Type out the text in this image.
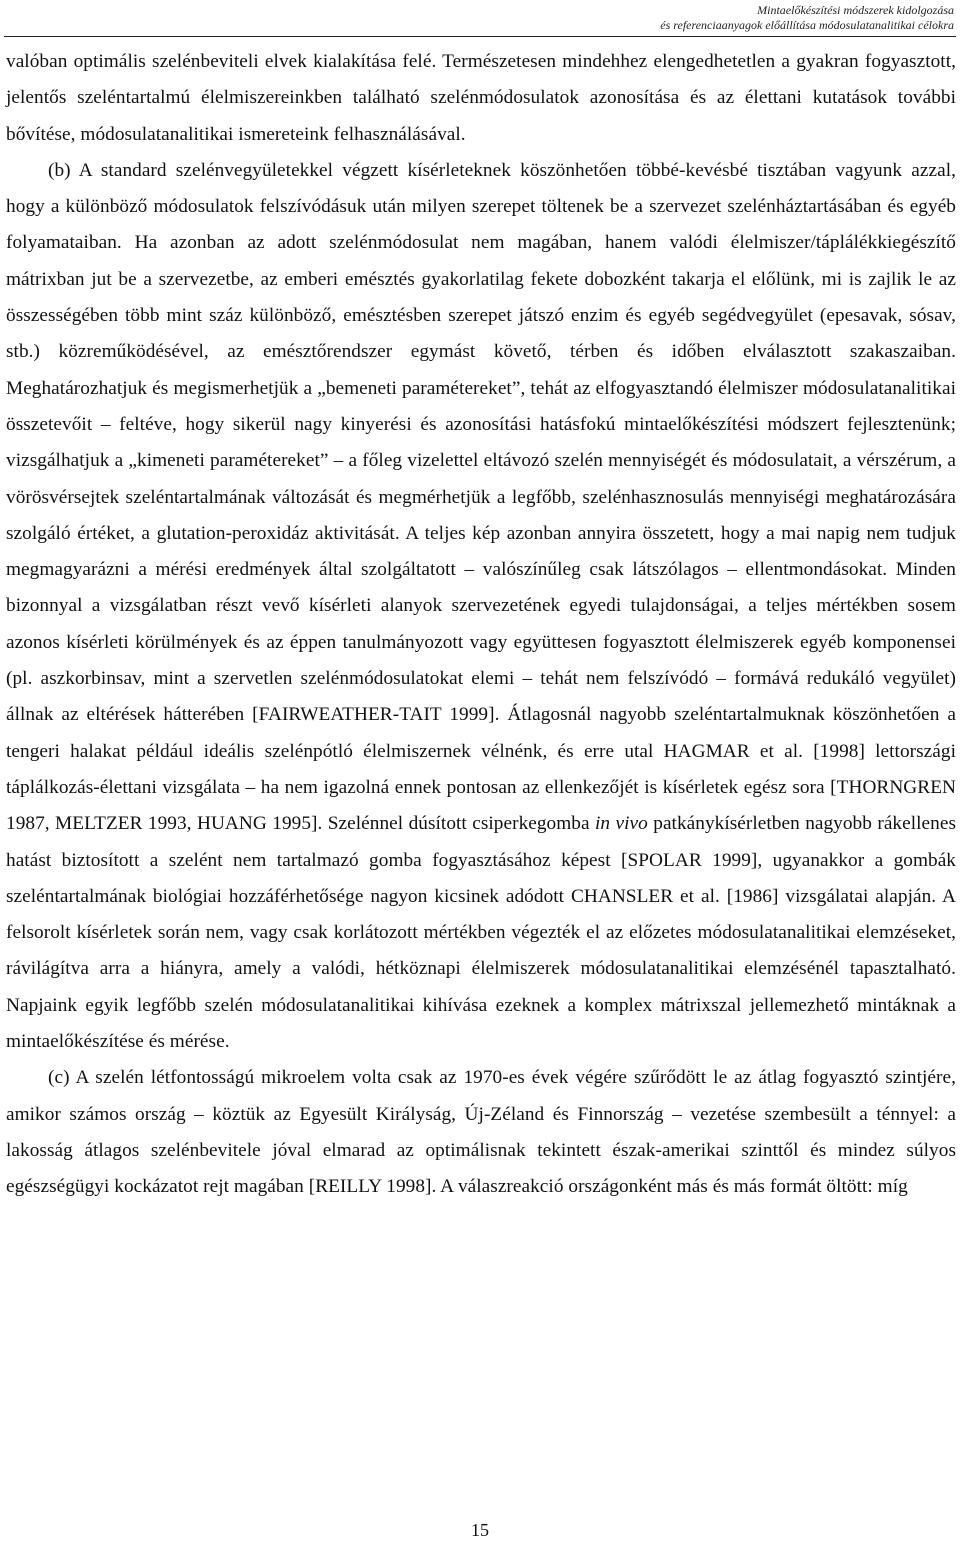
Mintaelőkészítési módszerek kidolgozása
és referenciaanyagok előállítása módosulatanalitikai célokra

valóban optimális szelénbeviteli elvek kialakítása felé. Természetesen mindehhez elengedhetetlen a gyakran fogyasztott, jelentős szeléntartalmú élelmiszereinkben található szelénmódosulatok azonosítása és az élettani kutatások további bővítése, módosulatanalitikai ismereteink felhasználásával.

(b) A standard szelénvegyületekkel végzett kísérleteknek köszönhetően többé-kevésbé tisztában vagyunk azzal, hogy a különböző módosulatok felszívódásuk után milyen szerepet töltenek be a szervezet szelénháztartásában és egyéb folyamataiban. Ha azonban az adott szelénmódosulat nem magában, hanem valódi élelmiszer/táplálékkiegészítő mátrixban jut be a szervezetbe, az emberi emésztés gyakorlatilag fekete dobozként takarja el előlünk, mi is zajlik le az összességében több mint száz különböző, emésztésben szerepet játszó enzim és egyéb segédvegyület (epesavak, sósav, stb.) közreműködésével, az emésztőrendszer egymást követő, térben és időben elválasztott szakaszaiban. Meghatározhatjuk és megismerhetjük a „bemeneti paramétereket”, tehát az elfogyasztandó élelmiszer módosulatanalitikai összetevőit – feltéve, hogy sikerül nagy kinyerési és azonosítási hatásfokú mintaelőkészítési módszert fejlesztenünk; vizsgálhatjuk a „kimeneti paramétereket” – a főleg vizelettel eltávozó szelén mennyiségét és módosulatait, a vérszérum, a vörösvérsejtek szeléntartalmának változását és megmérhetjük a legfőbb, szelénhasznosulás mennyiségi meghatározására szolgáló értéket, a glutation-peroxidáz aktivitását. A teljes kép azonban annyira összetett, hogy a mai napig nem tudjuk megmagyarázni a mérési eredmények által szolgáltatott – valószínűleg csak látszólagos – ellentmondásokat. Minden bizonnyal a vizsgálatban részt vevő kísérleti alanyok szervezetének egyedi tulajdonságai, a teljes mértékben sosem azonos kísérleti körülmények és az éppen tanulmányozott vagy együttesen fogyasztott élelmiszerek egyéb komponensei (pl. aszkorbinsav, mint a szervetlen szelénmódosulatokat elemi – tehát nem felszívódó – formává redukáló vegyület) állnak az eltérések hátterében [FAIRWEATHER-TAIT 1999]. Átlagosnál nagyobb szeléntartalmuknak köszönhetően a tengeri halakat például ideális szelénpótló élelmiszernek vélnénk, és erre utal HAGMAR et al. [1998] lettországi táplálkozás-élettani vizsgálata – ha nem igazolná ennek pontosan az ellenkezőjét is kísérletek egész sora [THORNGREN 1987, MELTZER 1993, HUANG 1995]. Szelénnel dúsított csiperkegomba in vivo patkánykísérletben nagyobb rákellenes hatást biztosított a szelént nem tartalmazó gomba fogyasztásához képest [SPOLAR 1999], ugyanakkor a gombák szeléntartalmának biológiai hozzáférhetősége nagyon kicsinek adódott CHANSLER et al. [1986] vizsgálatai alapján. A felsorolt kísérletek során nem, vagy csak korlátozott mértékben végezték el az előzetes módosulatanalitikai elemzéseket, rávilágítva arra a hiányra, amely a valódi, hétköznapi élelmiszerek módosulatanalitikai elemzésénél tapasztalható. Napjaink egyik legfőbb szelén módosulatanalitikai kihívása ezeknek a komplex mátrixszal jellemezhető mintáknak a mintaelőkészítése és mérése.

(c) A szelén létfontosságú mikroelem volta csak az 1970-es évek végére szűrődött le az átlag fogyasztó szintjére, amikor számos ország – köztük az Egyesült Királyság, Új-Zéland és Finnország – vezetése szembesült a ténnyel: a lakosság átlagos szelénbevitele jóval elmarad az optimálisnak tekintett észak-amerikai szinttől és mindez súlyos egészségügyi kockázatot rejt magában [REILLY 1998]. A válaszreakció országonként más és más formát öltött: míg

15
